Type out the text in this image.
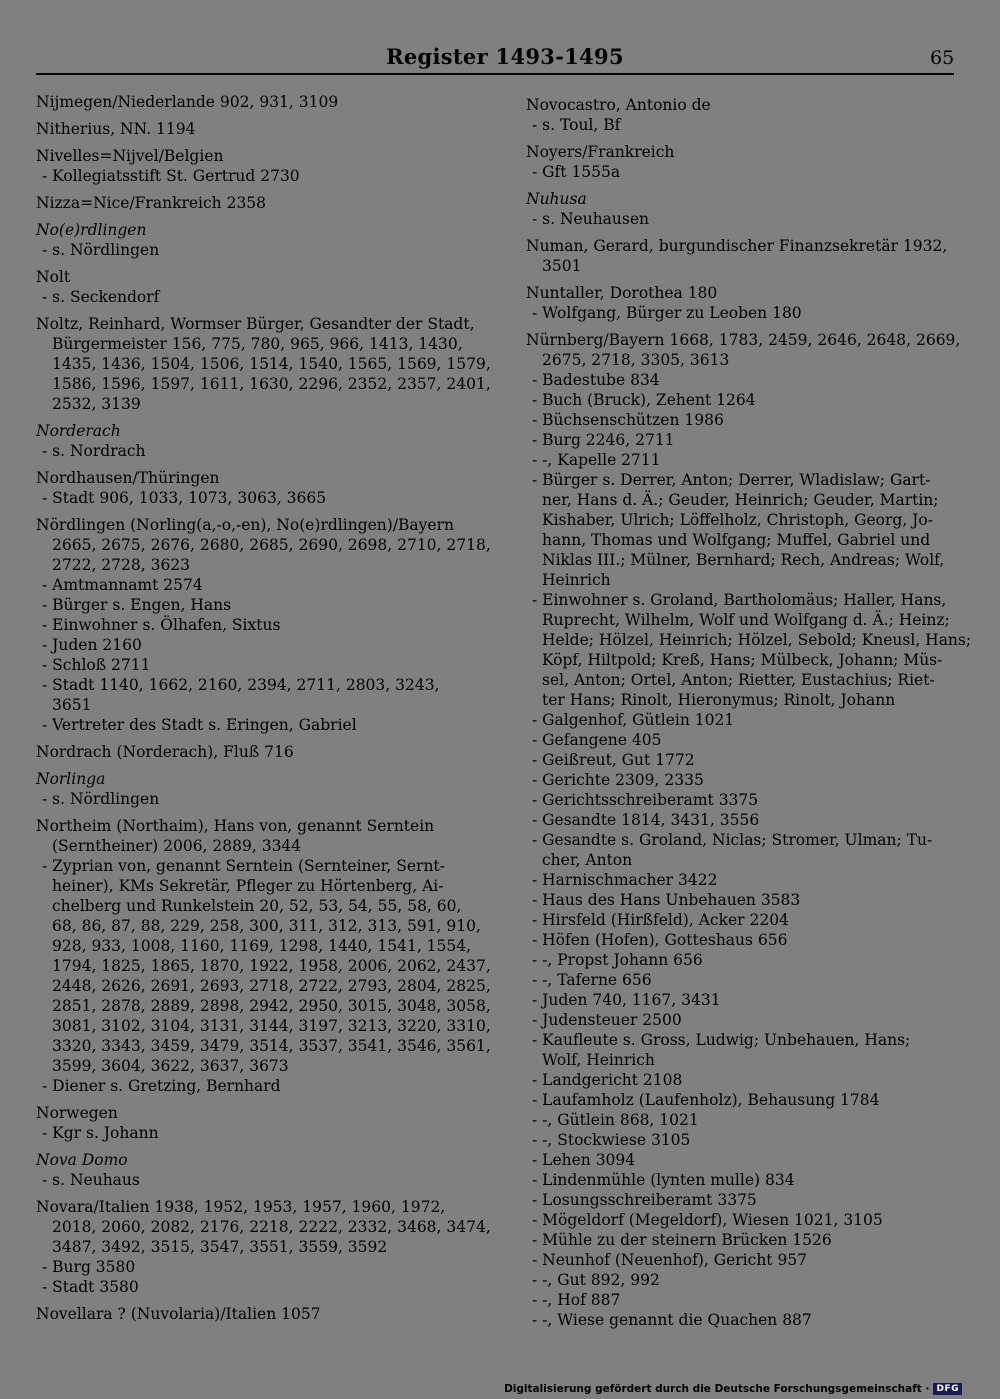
Register 1493-1495	65
Nijmegen/Niederlande 902, 931, 3109
Nitherius, NN. 1194
Nivelles=Nijvel/Belgien
- Kollegiatsstift St. Gertrud 2730
Nizza=Nice/Frankreich 2358
No(e)rdlingen
- s. Nördlingen
Nolt
- s. Seckendorf
Noltz, Reinhard, Wormser Bürger, Gesandter der Stadt,
Bürgermeister 156, 775, 780, 965, 966, 1413, 1430,
1435, 1436, 1504, 1506, 1514, 1540, 1565, 1569, 1579,
1586, 1596, 1597, 1611, 1630, 2296, 2352, 2357, 2401,
2532, 3139
Norderach
- s. Nordrach
Nordhausen/Thüringen
- Stadt 906, 1033, 1073, 3063, 3665
Nördlingen (Norling(a,-o,-en), No(e)rdlingen)/Bayern
2665, 2675, 2676, 2680, 2685, 2690, 2698, 2710, 2718,
2722, 2728, 3623
- Amtmannamt 2574
- Bürger s. Engen, Hans
- Einwohner s. Ölhafen, Sixtus
- Juden 2160
- Schloß 2711
- Stadt 1140, 1662, 2160, 2394, 2711, 2803, 3243,
3651
- Vertreter des Stadt s. Eringen, Gabriel
Nordrach (Norderach), Fluß 716
Norlinga
- s. Nördlingen
Northeim (Northaim), Hans von, genannt Serntein
(Serntheiner) 2006, 2889, 3344
- Zyprian von, genannt Serntein (Sernteiner, Sernt-
heiner), KMs Sekretär, Pfleger zu Hörtenberg, Ai-
chelberg und Runkelstein 20, 52, 53, 54, 55, 58, 60,
68, 86, 87, 88, 229, 258, 300, 311, 312, 313, 591, 910,
928, 933, 1008, 1160, 1169, 1298, 1440, 1541, 1554,
1794, 1825, 1865, 1870, 1922, 1958, 2006, 2062, 2437,
2448, 2626, 2691, 2693, 2718, 2722, 2793, 2804, 2825,
2851, 2878, 2889, 2898, 2942, 2950, 3015, 3048, 3058,
3081, 3102, 3104, 3131, 3144, 3197, 3213, 3220, 3310,
3320, 3343, 3459, 3479, 3514, 3537, 3541, 3546, 3561,
3599, 3604, 3622, 3637, 3673
- Diener s. Gretzing, Bernhard
Norwegen
- Kgr s. Johann
Nova Domo
- s. Neuhaus
Novara/Italien 1938, 1952, 1953, 1957, 1960, 1972,
2018, 2060, 2082, 2176, 2218, 2222, 2332, 3468, 3474,
3487, 3492, 3515, 3547, 3551, 3559, 3592
- Burg 3580
- Stadt 3580
Novellara ? (Nuvolaria)/Italien 1057
Novocastro, Antonio de
- s. Toul, Bf
Noyers/Frankreich
- Gft 1555a
Nuhusa
- s. Neuhausen
Numan, Gerard, burgundischer Finanzsekretär 1932,
3501
Nuntaller, Dorothea 180
- Wolfgang, Bürger zu Leoben 180
Nürnberg/Bayern 1668, 1783, 2459, 2646, 2648, 2669,
2675, 2718, 3305, 3613
- Badestube 834
- Buch (Bruck), Zehent 1264
- Büchsenschützen 1986
- Burg 2246, 2711
- -, Kapelle 2711
- Bürger s. Derrer, Anton; Derrer, Wladislaw; Gart-
ner, Hans d. Ä.; Geuder, Heinrich; Geuder, Martin;
Kishaber, Ulrich; Löffelholz, Christoph, Georg, Jo-
hann, Thomas und Wolfgang; Muffel, Gabriel und
Niklas III.; Mülner, Bernhard; Rech, Andreas; Wolf,
Heinrich
- Einwohner s. Groland, Bartholomäus; Haller, Hans,
Ruprecht, Wilhelm, Wolf und Wolfgang d. Ä.; Heinz;
Helde; Hölzel, Heinrich; Hölzel, Sebold; Kneusl, Hans;
Köpf, Hiltpold; Kreß, Hans; Mülbeck, Johann; Müs-
sel, Anton; Ortel, Anton; Rietter, Eustachius; Riet-
ter Hans; Rinolt, Hieronymus; Rinolt, Johann
- Galgenhof, Gütlein 1021
- Gefangene 405
- Geißreut, Gut 1772
- Gerichte 2309, 2335
- Gerichtsschreiberamt 3375
- Gesandte 1814, 3431, 3556
- Gesandte s. Groland, Niclas; Stromer, Ulman; Tu-
cher, Anton
- Harnischmacher 3422
- Haus des Hans Unbehauen 3583
- Hirsfeld (Hirßfeld), Acker 2204
- Höfen (Hofen), Gotteshaus 656
- -, Propst Johann 656
- -, Taferne 656
- Juden 740, 1167, 3431
- Judensteuer 2500
- Kaufleute s. Gross, Ludwig; Unbehauen, Hans;
Wolf, Heinrich
- Landgericht 2108
- Laufamholz (Laufenholz), Behausung 1784
- -, Gütlein 868, 1021
- -, Stockwiese 3105
- Lehen 3094
- Lindenmühle (lynten mulle) 834
- Losungsschreiberamt 3375
- Mögeldorf (Megeldorf), Wiesen 1021, 3105
- Mühle zu der steinern Brücken 1526
- Neunhof (Neuenhof), Gericht 957
- -, Gut 892, 992
- -, Hof 887
- -, Wiese genannt die Quachen 887
Digitalisierung gefördert durch die Deutsche Forschungsgemeinschaft · DFG
